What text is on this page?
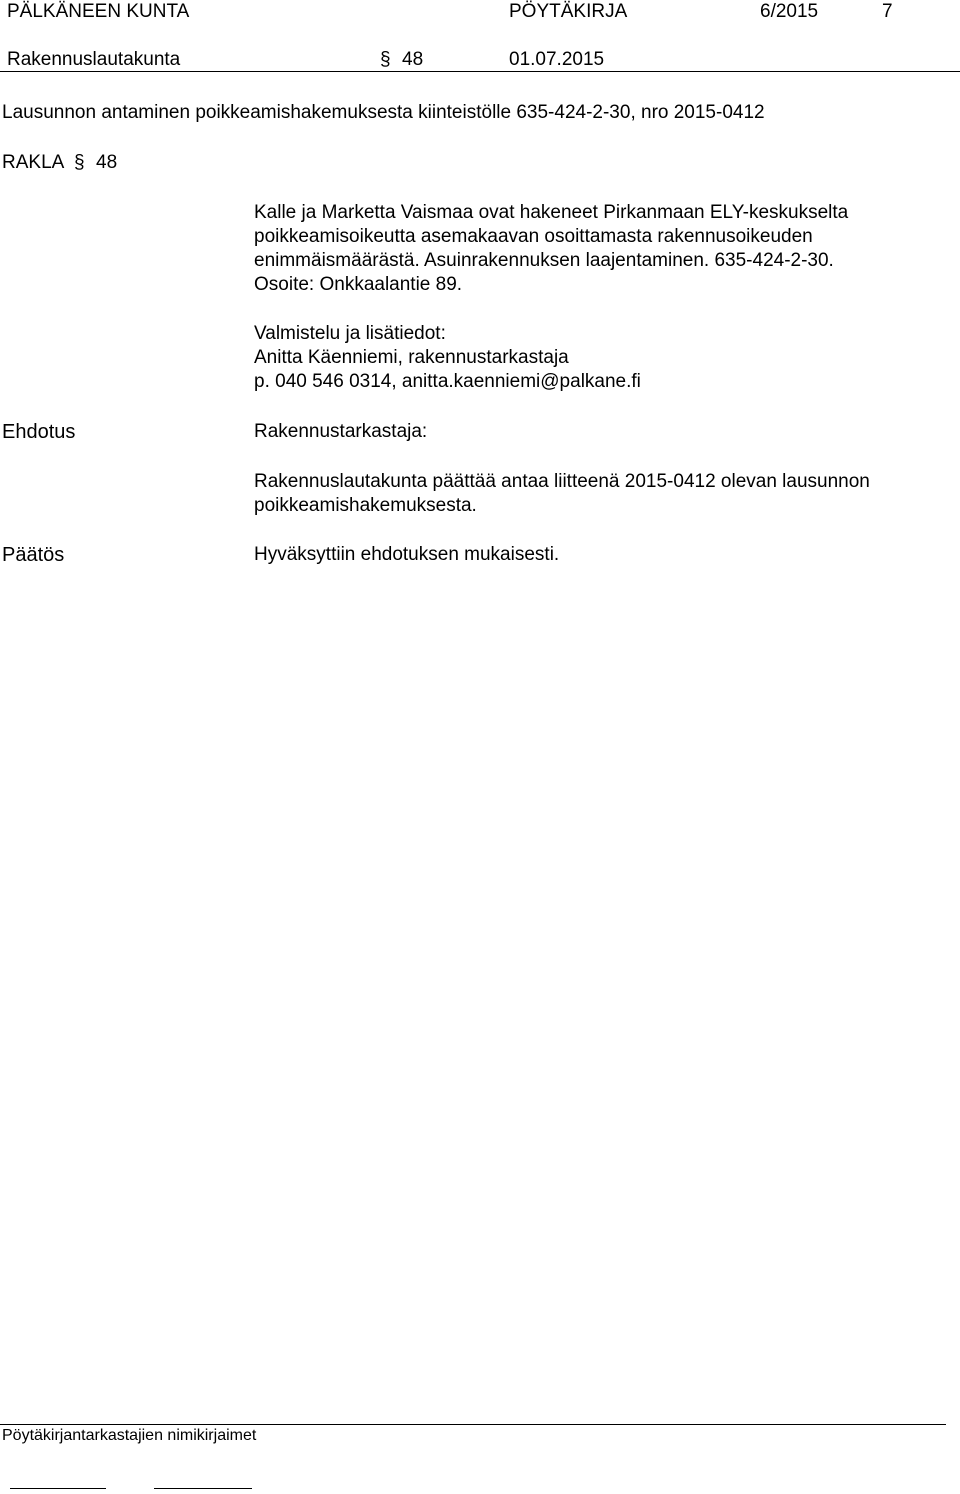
PÄLKÄNEEN KUNTA	PÖYTÄKIRJA	6/2015	7
Rakennuslautakunta	§ 48	01.07.2015
Lausunnon antaminen poikkeamishakemuksesta kiinteistölle 635-424-2-30, nro 2015-0412
RAKLA § 48
Kalle ja Marketta Vaismaa ovat hakeneet Pirkanmaan ELY-keskukselta
poikkeamisoikeutta asemakaavan osoittamasta rakennusoikeuden
enimmäismäärästä. Asuinrakennuksen laajentaminen. 635-424-2-30.
Osoite: Onkkaalantie 89.
Valmistelu ja lisätiedot:
Anitta Käenniemi, rakennustarkastaja
p. 040 546 0314, anitta.kaenniemi@palkane.fi
Ehdotus	Rakennustarkastaja:
Rakennuslautakunta päättää antaa liitteenä 2015-0412 olevan lausunnon
poikkeamishakemuksesta.
Päätös	Hyväksyttiin ehdotuksen mukaisesti.
Pöytäkirjantarkastajien nimikirjaimet
